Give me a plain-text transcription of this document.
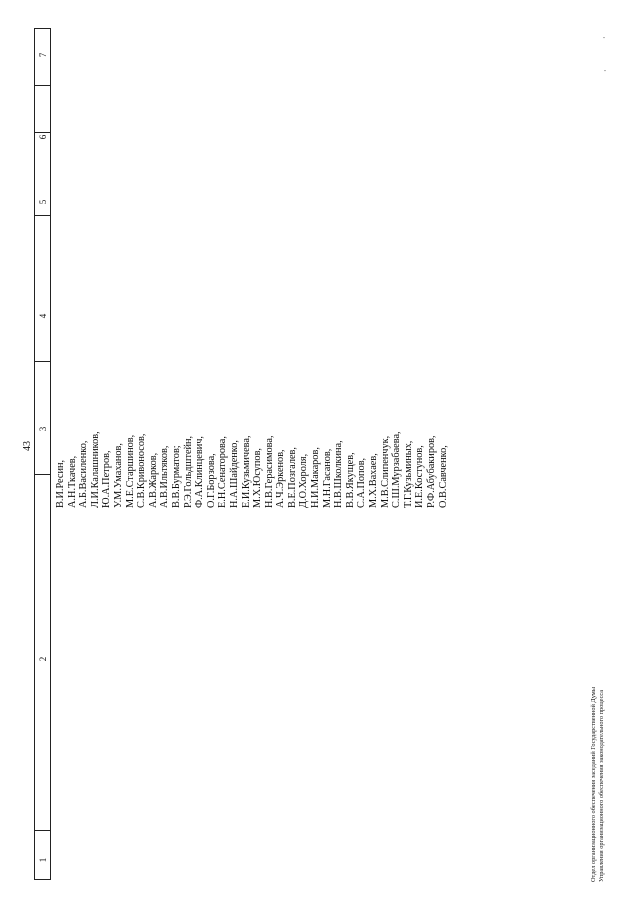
43
1
2
3
4
5
6
7
В.И.Ресин, А.Н.Ткачев, А.Б.Василенко, Л.И.Калашников, Ю.А.Петров, У.М.Умаханов, М.Е.Старшинов, С.В.Кривоносов, А.В.Жарков, А.В.Ильтяков, В.В.Бурматов; Р.Э.Гольдштейн, Ф.А.Клинцевич, О.Г.Борзова, Е.Н.Сенаторова, Н.А.Шайденко, Е.И.Кузьмичева, М.Х.Юсупов, Н.В.Герасимова, А.Ч.Эркенов, В.Е.Позгалев, Д.О.Хороля, Н.И.Макаров, М.Н.Гасанов, Н.В.Школкина, В.В.Якущев, С.А.Попов, М.Х.Вахаев, М.В.Слипенчук, С.Ш.Мурзабаева, Т.Г.Кузьминых, И.Е.Костунов, Р.Ф.Абубакиров, О.В.Савченко,
Отдел организационного обеспечения заседаний Государственной Думы Управления организационного обеспечения законодательного процесса
·
·
